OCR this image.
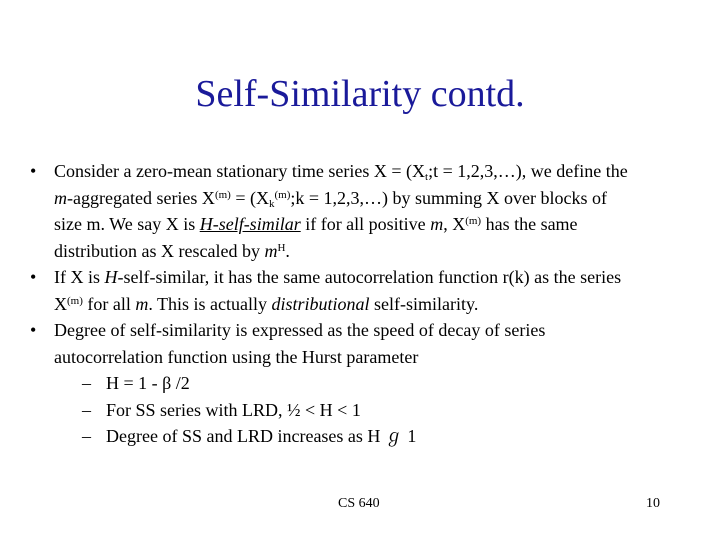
Self-Similarity contd.
• Consider a zero-mean stationary time series $X = (X_t;t$ = 1,2,3,…), we define the
m-aggregated series $X^{(m)}$ = ($X_k^{(m)};k$ = 1,2,3,…) by summing X over blocks of
size m. We say X is H-self-similar if for all positive m, $X^{(m)}$ has the same
distribution as X rescaled by $m^H$.
• If X is H-self-similar, it has the same autocorrelation function r(k) as the series
$X^{(m)}$ for all m. This is actually distributional self-similarity.
• Degree of self-similarity is expressed as the speed of decay of series
autocorrelation function using the Hurst parameter
– H = 1 - β /2
– For SS series with LRD, ½ < H < 1
– Degree of SS and LRD increases as H ℊ 1
CS 640	10
